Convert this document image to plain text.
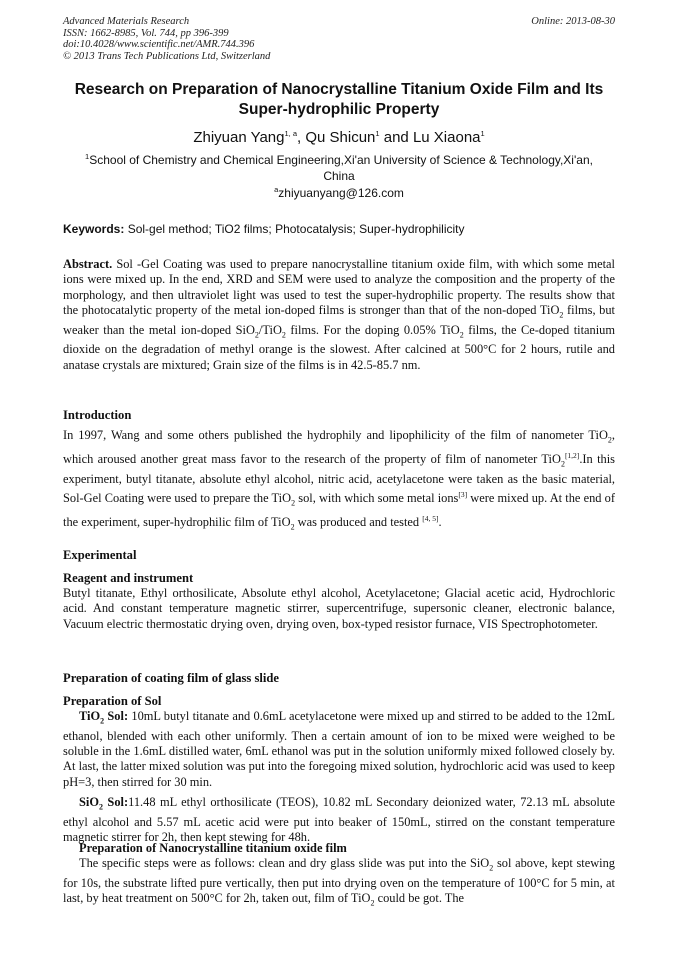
Advanced Materials Research
ISSN: 1662-8985, Vol. 744, pp 396-399
doi:10.4028/www.scientific.net/AMR.744.396
© 2013 Trans Tech Publications Ltd, Switzerland
Online: 2013-08-30
Research on Preparation of Nanocrystalline Titanium Oxide Film and Its
Super-hydrophilic Property
Zhiyuan Yang$^{1, a}$, Qu Shicun$^1$ and Lu Xiaona$^1$
$^1$School of Chemistry and Chemical Engineering,Xi'an University of Science & Technology,Xi'an,
China
$^a$zhiyuanyang@126.com
Keywords: Sol-gel method; TiO2 films; Photocatalysis; Super-hydrophilicity
Abstract. Sol -Gel Coating was used to prepare nanocrystalline titanium oxide film, with which some metal ions were mixed up. In the end, XRD and SEM were used to analyze the composition and the property of the morphology, and then ultraviolet light was used to test the super-hydrophilic property. The results show that the photocatalytic property of the metal ion-doped films is stronger than that of the non-doped TiO$_2$ films, but weaker than the metal ion-doped SiO$_2$/TiO$_2$ films. For the doping 0.05% TiO$_2$ films, the Ce-doped titanium dioxide on the degradation of methyl orange is the slowest. After calcined at 500°C for 2 hours, rutile and anatase crystals are mixtured; Grain size of the films is in 42.5-85.7 nm.
Introduction
In 1997, Wang and some others published the hydrophily and lipophilicity of the film of nanometer TiO$_2$, which aroused another great mass favor to the research of the property of film of nanometer TiO$_2$[1,2].In this experiment, butyl titanate, absolute ethyl alcohol, nitric acid, acetylacetone were taken as the basic material, Sol-Gel Coating were used to prepare the TiO$_2$ sol, with which some metal ions[3] were mixed up. At the end of the experiment, super-hydrophilic film of TiO$_2$ was produced and tested [4, 5].
Experimental
Reagent and instrument
Butyl titanate, Ethyl orthosilicate, Absolute ethyl alcohol, Acetylacetone; Glacial acetic acid, Hydrochloric acid. And constant temperature magnetic stirrer, supercentrifuge, supersonic cleaner, electronic balance, Vacuum electric thermostatic drying oven, drying oven, box-typed resistor furnace, VIS Spectrophotometer.
Preparation of coating film of glass slide
Preparation of Sol
TiO$_2$ Sol: 10mL butyl titanate and 0.6mL acetylacetone were mixed up and stirred to be added to the 12mL ethanol, blended with each other uniformly. Then a certain amount of ion to be mixed were weighed to be soluble in the 1.6mL distilled water, 6mL ethanol was put in the solution uniformly mixed followed closely by. At last, the latter mixed solution was put into the foregoing mixed solution, hydrochloric acid was used to keep pH=3, then stirred for 30 min.
SiO$_2$ Sol:11.48 mL ethyl orthosilicate (TEOS), 10.82 mL Secondary deionized water, 72.13 mL absolute ethyl alcohol and 5.57 mL acetic acid were put into beaker of 150mL, stirred on the constant temperature magnetic stirrer for 2h, then kept stewing for 48h.
Preparation of Nanocrystalline titanium oxide film
The specific steps were as follows: clean and dry glass slide was put into the SiO$_2$ sol above, kept stewing for 10s, the substrate lifted pure vertically, then put into drying oven on the temperature of 100°C for 5 min, at last, by heat treatment on 500°C for 2h, taken out, film of TiO$_2$ could be got. The
